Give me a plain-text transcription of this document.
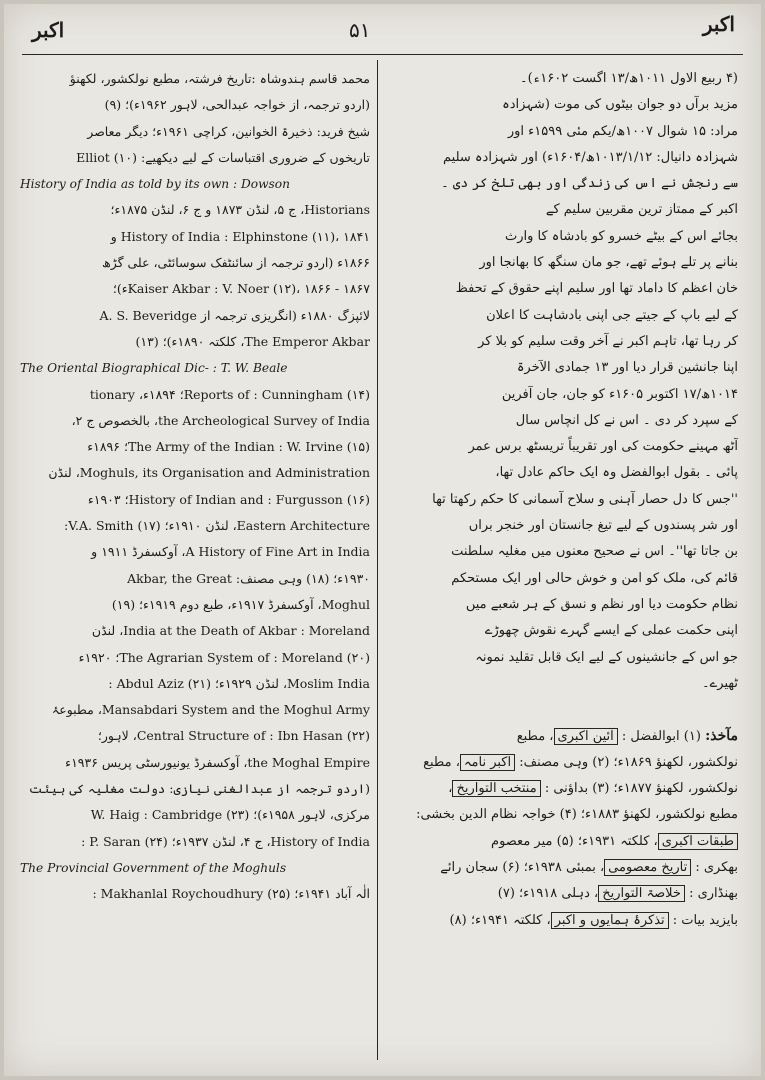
اکبر	۵۱	اکبر
(۴ ربیع الاول ۱۰۱۱ھ/۱۳ اگست ۱۶۰۲ء)۔
مزید برآں دو جوان بیٹوں کی موت (شہزادہ
مراد: ۱۵ شوال ۱۰۰۷ھ/یکم مئی ۱۵۹۹ء اور
شہزادہ دانیال: ۱۰۱۳/۱/۱۲ھ/۱۶۰۴ء) اور شہزادہ سلیم
سے رنجش نے اس کی زندگی اور بھی تلخ کر دی ۔
اکبر کے ممتاز ترین مقربین سلیم کے
بجائے اس کے بیٹے خسرو کو بادشاہ کا وارث
بنانے پر تلے ہوئے تھے، جو مان سنگھ کا بھانجا اور
خان اعظم کا داماد تھا اور سلیم اپنے حقوق کے تحفظ
کے لیے باپ کے جیتے جی اپنی بادشاہت کا اعلان
کر رہا تھا، تاہم اکبر نے آخر وقت سلیم کو بلا کر
اپنا جانشین قرار دیا اور ۱۳ جمادی الآخرۃ
۱۰۱۴ھ/۱۷ اکتوبر ۱۶۰۵ء کو جان، جان آفرین
کے سپرد کر دی ۔ اس نے کل انچاس سال
آٹھ مہینے حکومت کی اور تقریباً تریسٹھ برس عمر
پائی ۔ بقول ابوالفضل وہ ایک حاکم عادل تھا،
''جس کا دل حصار آہنی و سلاح آسمانی کا حکم رکھتا تھا
اور شر پسندوں کے لیے تیغ جانستان اور خنجر براں
بن جاتا تھا''۔ اس نے صحیح معنوں میں مغلیہ سلطنت
قائم کی، ملک کو امن و خوش حالی اور ایک مستحکم
نظام حکومت دیا اور نظم و نسق کے ہر شعبے میں
اپنی حکمت عملی کے ایسے گہرے نقوش چھوڑے
جو اس کے جانشینوں کے لیے ایک قابل تقلید نمونہ
ٹھیرے۔
مآخذ: (۱) ابوالفضل : آئین اکبری، مطبع
نولکشور، لکھنؤ ۱۸۶۹ء؛ (۲) وہی مصنف: اکبر نامہ، مطبع
نولکشور، لکھنؤ ۱۸۷۷ء؛ (۳) بداؤنی : منتخب التواریخ،
مطبع نولکشور، لکھنؤ ۱۸۸۳ء؛ (۴) خواجہ نظام الدین بخشی:
طبقات اکبری، کلکتہ ۱۹۳۱ء؛ (۵) میر معصوم
بھکری : تاریخ معصومی، بمبئی ۱۹۳۸ء؛ (۶) سجان رائے
بھنڈاری : خلاصۃ التواریخ، دہلی ۱۹۱۸ء؛ (۷)
بایزید بیات : تذکرۂ ہمایوں و اکبر، کلکتہ ۱۹۴۱ء؛ (۸)
محمد قاسم ہندوشاہ :تاریخ فرشتہ، مطبع نولکشور، لکھنؤ
(اردو ترجمہ، از خواجہ عبدالحی، لاہور ۱۹۶۲ء)؛ (۹)
شیخ فرید: ذخیرۃ الخوانین، کراچی ۱۹۶۱ء؛ دیگر معاصر
تاریخوں کے ضروری اقتباسات کے لیے دیکھیے: (۱۰) Elliot
History of India as told by its own : Dowson
Historians، ج ۵، لنڈن ۱۸۷۳ و ج ۶، لنڈن ۱۸۷۵ء؛
History of India : Elphinstone (۱۱)، ۱۸۴۱ و
۱۸۶۶ء (اردو ترجمہ از سائنٹفک سوسائٹی، علی گڑھ
Kaiser Akbar : V. Noer (۱۲)، ۱۸۶۶ - ۱۸۶۷ء)؛
لائپزگ ۱۸۸۰ء (انگریزی ترجمہ از A. S. Beveridge
The Emperor Akbar، کلکتہ ۱۸۹۰ء)؛ (۱۳)
The Oriental Biographical Dic- : T. W. Beale
Reports of : Cunningham (۱۴)؛ ۱۸۹۴ء، tionary
the Archeological Survey of India، بالخصوص ج ۲،
The Army of the Indian : W. Irvine (۱۵)؛ ۱۸۹۶ء
Moghuls, its Organisation and Administration، لنڈن
History of Indian and : Furgusson (۱۶)؛ ۱۹۰۳ء
Eastern Architecture، لنڈن ۱۹۱۰ء؛ (۱۷) V.A. Smith:
A History of Fine Art in India، آوکسفرڈ ۱۹۱۱ و
۱۹۳۰ء؛ (۱۸) وہی مصنف: Akbar, the Great
Moghul، آوکسفرڈ ۱۹۱۷ء، طبع دوم ۱۹۱۹ء؛ (۱۹)
India at the Death of Akbar : Moreland، لنڈن
The Agrarian System of : Moreland (۲۰)؛ ۱۹۲۰ء
Moslim India، لنڈن ۱۹۲۹ء؛ (۲۱) Abdul Aziz :
Mansabdari System and the Moghul Army، مطبوعۂ
Central Structure of : Ibn Hasan (۲۲)، لاہور؛
the Moghal Empire، آوکسفرڈ یونیورسٹی پریس ۱۹۳۶ء
(اردو ترجمہ از عبدالغنی نیازی: دولت مغلیہ کی ہیئت
مرکزی، لاہور ۱۹۵۸ء)؛ (۲۳) W. Haig : Cambridge
History of India، ج ۴، لنڈن ۱۹۳۷ء؛ (۲۴) P. Saran :
The Provincial Government of the Moghuls
الٰہ آباد ۱۹۴۱ء؛ (۲۵) Makhanlal Roychoudhury :
